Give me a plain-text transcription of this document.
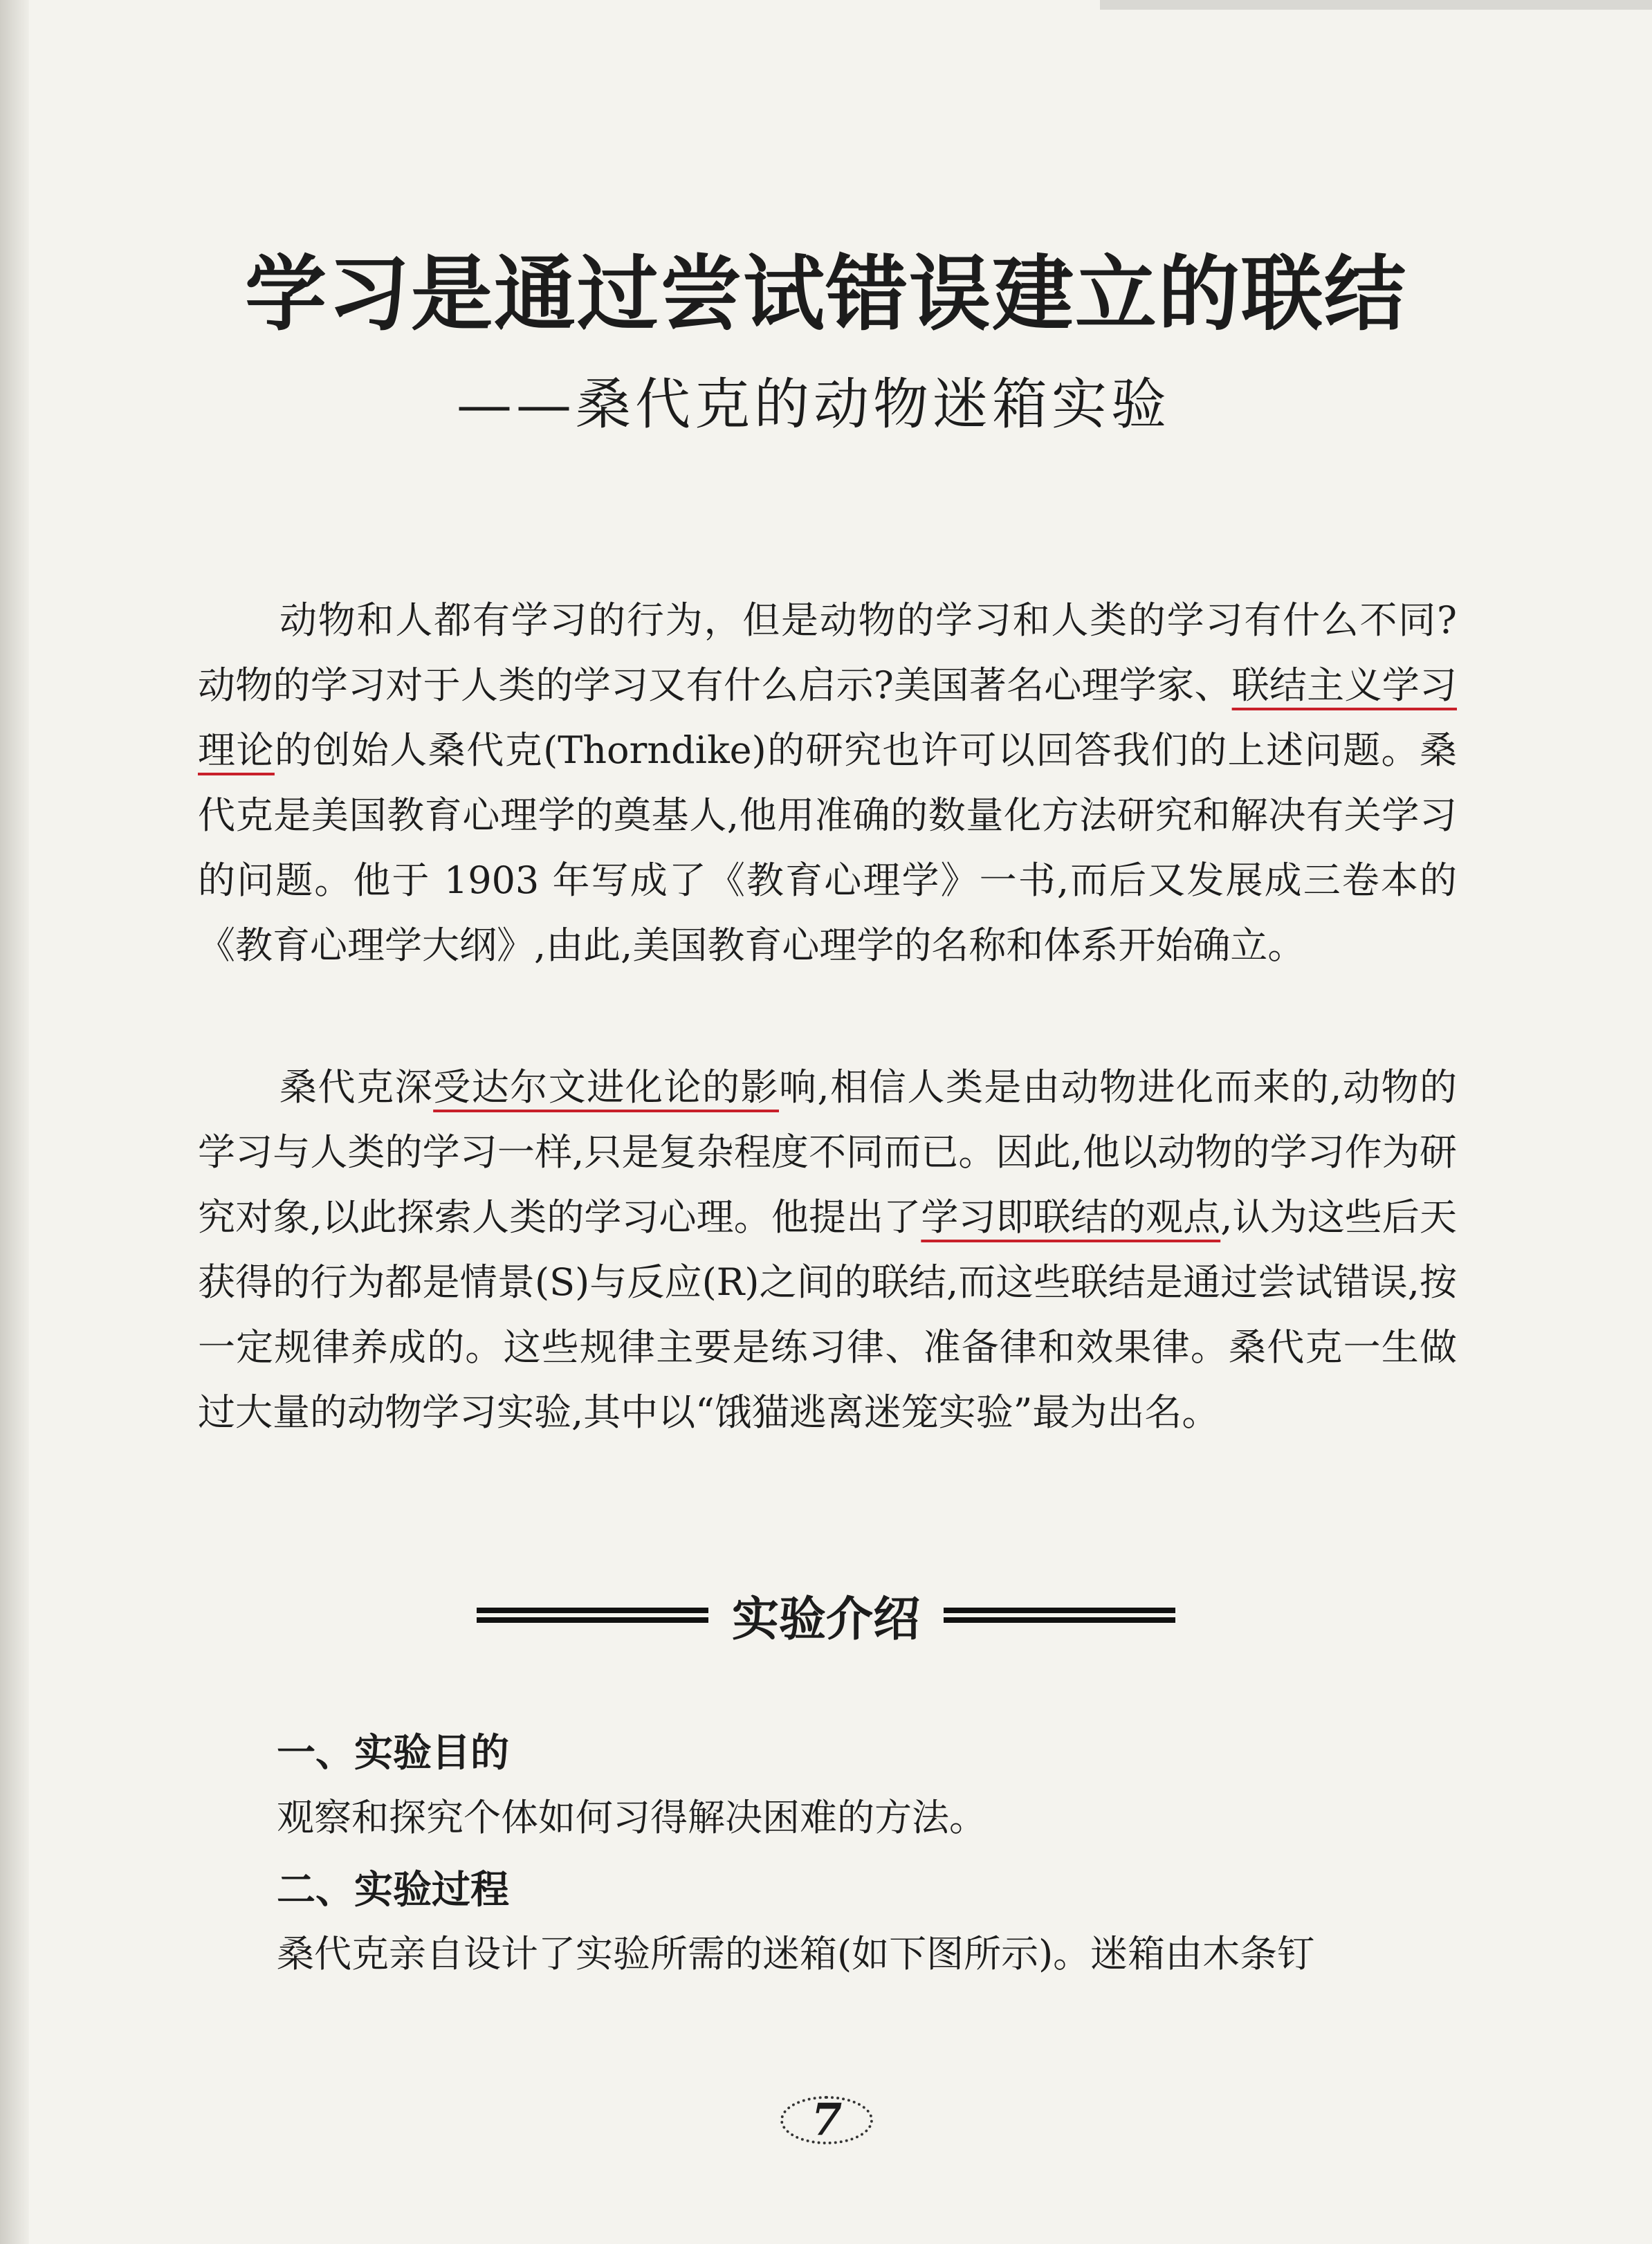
学习是通过尝试错误建立的联结
——桑代克的动物迷箱实验
动物和人都有学习的行为，但是动物的学习和人类的学习有什么不同?动物的学习对于人类的学习又有什么启示?美国著名心理学家、联结主义学习理论的创始人桑代克(Thorndike)的研究也许可以回答我们的上述问题。桑代克是美国教育心理学的奠基人,他用准确的数量化方法研究和解决有关学习的问题。他于 1903 年写成了《教育心理学》一书,而后又发展成三卷本的《教育心理学大纲》,由此,美国教育心理学的名称和体系开始确立。
桑代克深受达尔文进化论的影响,相信人类是由动物进化而来的,动物的学习与人类的学习一样,只是复杂程度不同而已。因此,他以动物的学习作为研究对象,以此探索人类的学习心理。他提出了学习即联结的观点,认为这些后天获得的行为都是情景(S)与反应(R)之间的联结,而这些联结是通过尝试错误,按一定规律养成的。这些规律主要是练习律、准备律和效果律。桑代克一生做过大量的动物学习实验,其中以“饿猫逃离迷笼实验”最为出名。
实验介绍
一、实验目的
观察和探究个体如何习得解决困难的方法。
二、实验过程
桑代克亲自设计了实验所需的迷箱(如下图所示)。迷箱由木条钉
7
